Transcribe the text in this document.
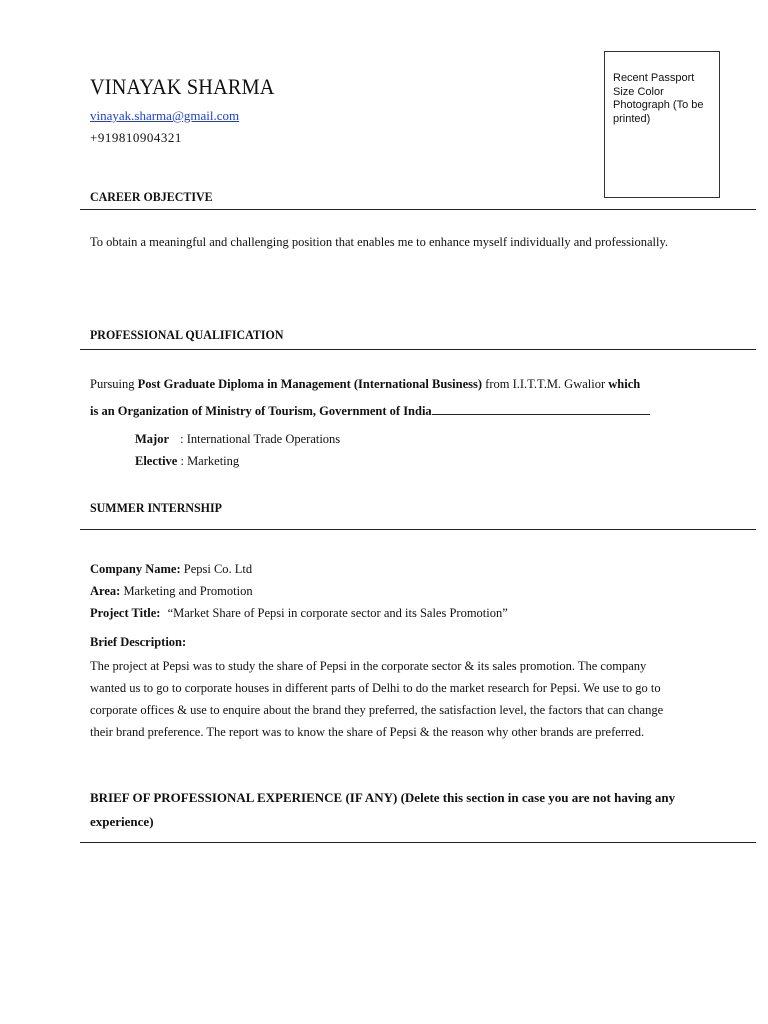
VINAYAK SHARMA
vinayak.sharma@gmail.com
+919810904321
Recent Passport Size Color Photograph (To be printed)
CAREER OBJECTIVE
To obtain a meaningful and challenging position that enables me to enhance myself individually and professionally.
PROFESSIONAL QUALIFICATION
Pursuing Post Graduate Diploma in Management (International Business) from I.I.T.T.M. Gwalior which
is an Organization of Ministry of Tourism, Government of India
Major : International Trade Operations
Elective : Marketing
SUMMER INTERNSHIP
Company Name: Pepsi Co. Ltd
Area: Marketing and Promotion
Project Title: “Market Share of Pepsi in corporate sector and its Sales Promotion”
Brief Description:
The project at Pepsi was to study the share of Pepsi in the corporate sector & its sales promotion. The company wanted us to go to corporate houses in different parts of Delhi to do the market research for Pepsi. We use to go to corporate offices & use to enquire about the brand they preferred, the satisfaction level, the factors that can change their brand preference. The report was to know the share of Pepsi & the reason why other brands are preferred.
BRIEF OF PROFESSIONAL EXPERIENCE (IF ANY) (Delete this section in case you are not having any experience)
